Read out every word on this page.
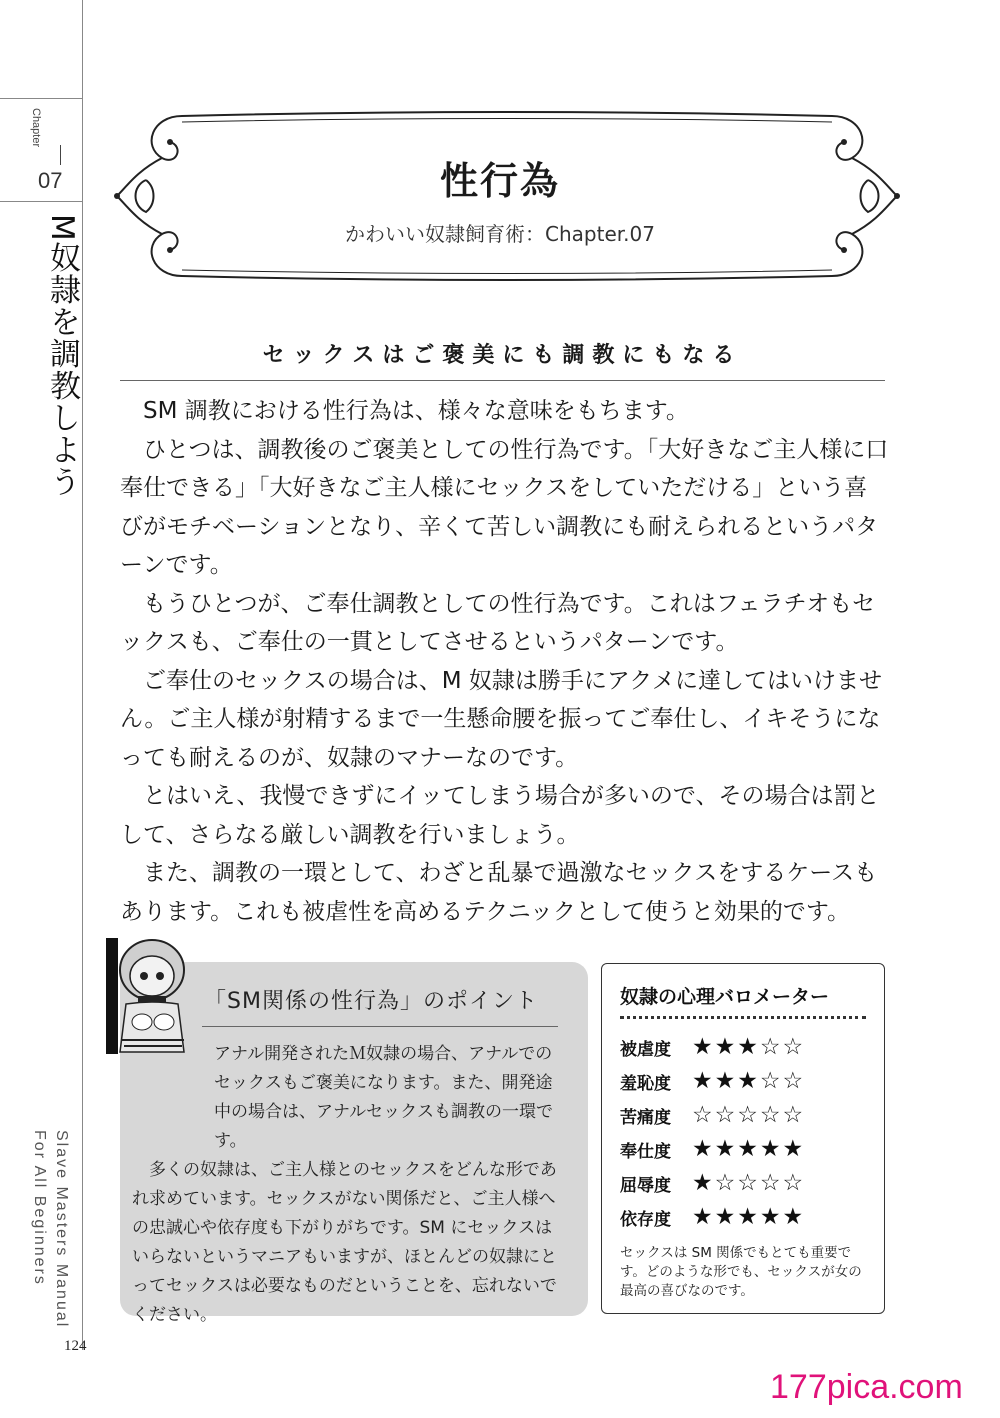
Chapter
07
M奴隷を調教しよう
Slave Masters Manual
For All Beginners
124
性行為
かわいい奴隷飼育術：Chapter.07
セックスはご褒美にも調教にもなる

SM 調教における性行為は、様々な意味をもちます。

ひとつは、調教後のご褒美としての性行為です。「大好きなご主人様に口奉仕できる」「大好きなご主人様にセックスをしていただける」という喜びがモチベーションとなり、辛くて苦しい調教にも耐えられるというパターンです。

もうひとつが、ご奉仕調教としての性行為です。これはフェラチオもセックスも、ご奉仕の一貫としてさせるというパターンです。

ご奉仕のセックスの場合は、M 奴隷は勝手にアクメに達してはいけません。ご主人様が射精するまで一生懸命腰を振ってご奉仕し、イキそうになっても耐えるのが、奴隷のマナーなのです。

とはいえ、我慢できずにイッてしまう場合が多いので、その場合は罰として、さらなる厳しい調教を行いましょう。

また、調教の一環として、わざと乱暴で過激なセックスをするケースもあります。これも被虐性を高めるテクニックとして使うと効果的です。

「SM関係の性行為」のポイント

アナル開発されたＭ奴隷の場合、アナルでのセックスもご褒美になります。また、開発途中の場合は、アナルセックスも調教の一環です。

多くの奴隷は、ご主人様とのセックスをどんな形であれ求めています。セックスがない関係だと、ご主人様への忠誠心や依存度も下がりがちです。SM にセックスはいらないというマニアもいますが、ほとんどの奴隷にとってセックスは必要なものだということを、忘れないでください。

奴隷の心理バロメーター
被虐度 ★★★☆☆
羞恥度 ★★★☆☆
苦痛度 ☆☆☆☆☆
奉仕度 ★★★★★
屈辱度 ★☆☆☆☆
依存度 ★★★★★

セックスは SM 関係でもとても重要です。どのような形でも、セックスが女の最高の喜びなのです。

177pica.com
